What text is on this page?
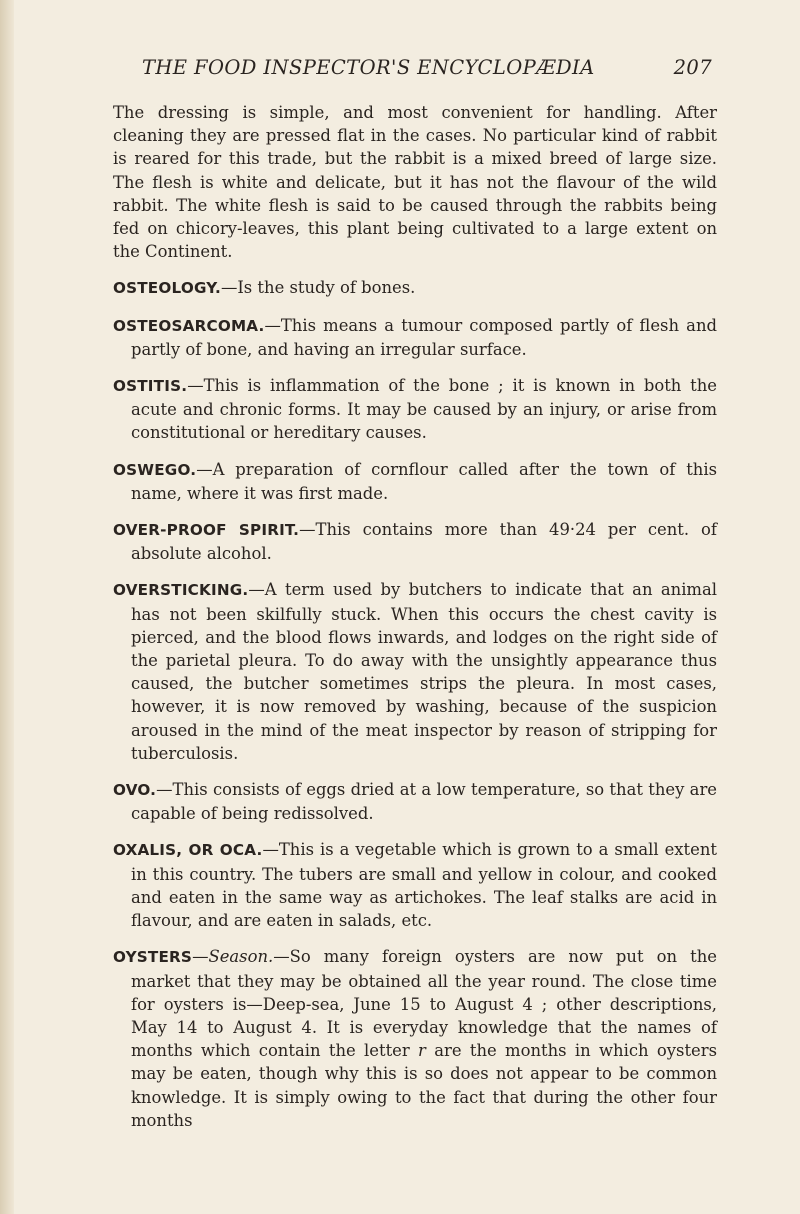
THE FOOD INSPECTOR'S ENCYCLOPÆDIA	207

The dressing is simple, and most convenient for handling. After cleaning they are pressed flat in the cases. No particular kind of rabbit is reared for this trade, but the rabbit is a mixed breed of large size. The flesh is white and delicate, but it has not the flavour of the wild rabbit. The white flesh is said to be caused through the rabbits being fed on chicory-leaves, this plant being cultivated to a large extent on the Continent.

OSTEOLOGY.—Is the study of bones.

OSTEOSARCOMA.—This means a tumour composed partly of flesh and partly of bone, and having an irregular surface.

OSTITIS.—This is inflammation of the bone ; it is known in both the acute and chronic forms. It may be caused by an injury, or arise from constitutional or hereditary causes.

OSWEGO.—A preparation of cornflour called after the town of this name, where it was first made.

OVER-PROOF SPIRIT.—This contains more than 49·24 per cent. of absolute alcohol.

OVERSTICKING.—A term used by butchers to indicate that an animal has not been skilfully stuck. When this occurs the chest cavity is pierced, and the blood flows inwards, and lodges on the right side of the parietal pleura. To do away with the unsightly appearance thus caused, the butcher sometimes strips the pleura. In most cases, however, it is now removed by washing, because of the suspicion aroused in the mind of the meat inspector by reason of stripping for tuberculosis.

OVO.—This consists of eggs dried at a low temperature, so that they are capable of being redissolved.

OXALIS, OR OCA.—This is a vegetable which is grown to a small extent in this country. The tubers are small and yellow in colour, and cooked and eaten in the same way as artichokes. The leaf stalks are acid in flavour, and are eaten in salads, etc.

OYSTERS—Season.—So many foreign oysters are now put on the market that they may be obtained all the year round. The close time for oysters is—Deep-sea, June 15 to August 4 ; other descriptions, May 14 to August 4. It is everyday knowledge that the names of months which contain the letter r are the months in which oysters may be eaten, though why this is so does not appear to be common knowledge. It is simply owing to the fact that during the other four months
